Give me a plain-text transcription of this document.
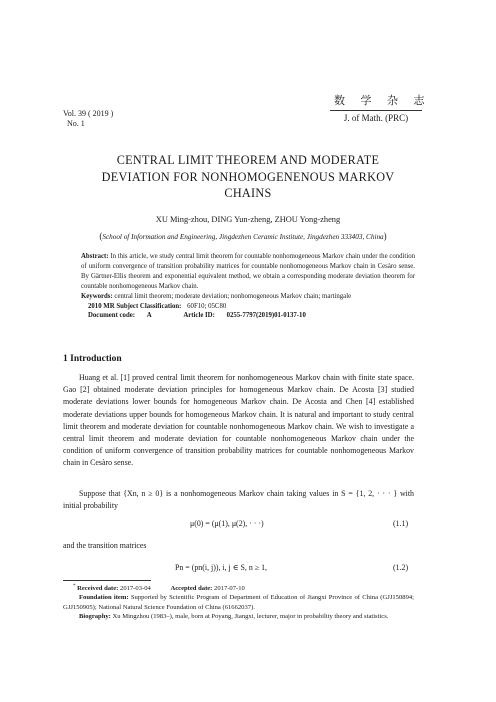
Vol. 39 ( 2019 )
No. 1
数 学 杂 志
J. of Math. (PRC)
CENTRAL LIMIT THEOREM AND MODERATE
DEVIATION FOR NONHOMOGENENOUS MARKOV
CHAINS
XU Ming-zhou, DING Yun-zheng, ZHOU Yong-zheng
(School of Information and Engineering, Jingdezhen Ceramic Institute, Jingdezhen 333403, China)
Abstract: In this article, we study central limit theorem for countable nonhomogeneous Markov chain under the condition of uniform convergence of transition probability matrices for countable nonhomogeneous Markov chain in Cesàro sense. By Gärtner-Ellis theorem and exponential equivalent method, we obtain a corresponding moderate deviation theorem for countable nonhomogeneous Markov chain.
Keywords: central limit theorem; moderate deviation; nonhomogeneous Markov chain; martingale
2010 MR Subject Classification: 60F10; 05C80
Document code: A	Article ID: 0255-7797(2019)01-0137-10
1 Introduction
Huang et al. [1] proved central limit theorem for nonhomogeneous Markov chain with finite state space. Gao [2] obtained moderate deviation principles for homogeneous Markov chain. De Acosta [3] studied moderate deviations lower bounds for homogeneous Markov chain. De Acosta and Chen [4] established moderate deviations upper bounds for homogeneous Markov chain. It is natural and important to study central limit theorem and moderate deviation for countable nonhomogeneous Markov chain. We wish to investigate a central limit theorem and moderate deviation for countable nonhomogeneous Markov chain under the condition of uniform convergence of transition probability matrices for countable nonhomogeneous Markov chain in Cesàro sense.
Suppose that {Xn, n ≥ 0} is a nonhomogeneous Markov chain taking values in S = {1, 2, · · · } with initial probability
μ(0) = (μ(1), μ(2), · · ·)	(1.1)
and the transition matrices
Pn = (pn(i, j)), i, j ∈ S, n ≥ 1,	(1.2)
* Received date: 2017-03-04	Accepted date: 2017-07-10
Foundation item: Supported by Scientific Program of Department of Education of Jiangxi Province of China (GJJ150894; GJJ150905); National Natural Science Foundation of China (61662037).
Biography: Xu Mingzhou (1983–), male, born at Poyang, Jiangxi, lecturer, major in probability theory and statistics.
